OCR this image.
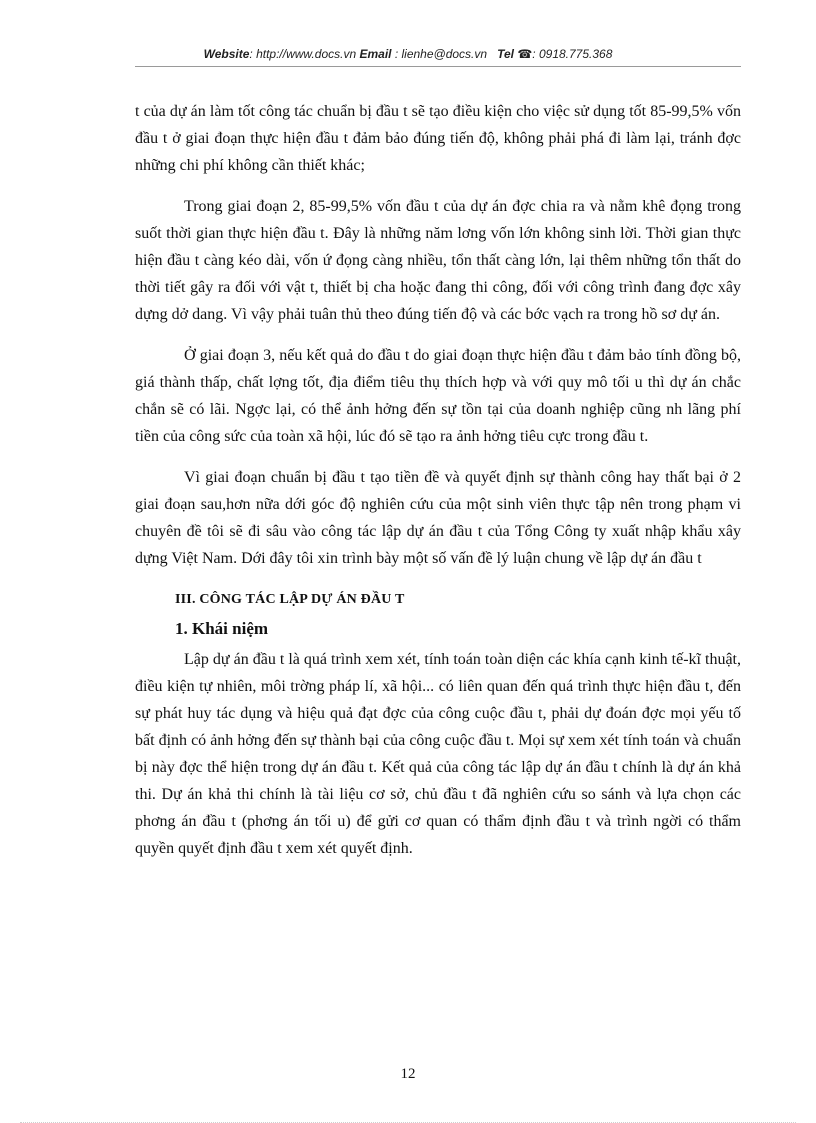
Website: http://www.docs.vn Email : lienhe@docs.vn Tel ☎: 0918.775.368

t của dự án làm tốt công tác chuẩn bị đầu t sẽ tạo điều kiện cho việc sử dụng tốt 85-99,5% vốn đầu t ở giai đoạn thực hiện đầu t đảm bảo đúng tiến độ, không phải phá đi làm lại, tránh đợc những chi phí không cần thiết khác;

Trong giai đoạn 2, 85-99,5% vốn đầu t của dự án đợc chia ra và nằm khê đọng trong suốt thời gian thực hiện đầu t. Đây là những năm lơng vốn lớn không sinh lời. Thời gian thực hiện đầu t càng kéo dài, vốn ứ đọng càng nhiều, tổn thất càng lớn, lại thêm những tổn thất do thời tiết gây ra đối với vật t, thiết bị cha hoặc đang thi công, đối với công trình đang đợc xây dựng dở dang. Vì vậy phải tuân thủ theo đúng tiến độ và các bớc vạch ra trong hồ sơ dự án.

Ở giai đoạn 3, nếu kết quả do đầu t do giai đoạn thực hiện đầu t đảm bảo tính đồng bộ, giá thành thấp, chất lợng tốt, địa điểm tiêu thụ thích hợp và với quy mô tối u thì dự án chắc chắn sẽ có lãi. Ngợc lại, có thể ảnh hởng đến sự tồn tại của doanh nghiệp cũng nh lãng phí tiền của công sức của toàn xã hội, lúc đó sẽ tạo ra ảnh hởng tiêu cực trong đầu t.

Vì giai đoạn chuẩn bị đầu t tạo tiền đề và quyết định sự thành công hay thất bại ở 2 giai đoạn sau,hơn nữa dới góc độ nghiên cứu của một sinh viên thực tập nên trong phạm vi chuyên đề tôi sẽ đi sâu vào công tác lập dự án đầu t của Tổng Công ty xuất nhập khẩu xây dựng Việt Nam. Dới đây tôi xin trình bày một số vấn đề lý luận chung về lập dự án đầu t

III. CÔNG TÁC LẬP DỰ ÁN ĐẦU T
1. Khái niệm

Lập dự án đầu t là quá trình xem xét, tính toán toàn diện các khía cạnh kinh tế-kĩ thuật, điều kiện tự nhiên, môi trờng pháp lí, xã hội... có liên quan đến quá trình thực hiện đầu t, đến sự phát huy tác dụng và hiệu quả đạt đợc của công cuộc đầu t, phải dự đoán đợc mọi yếu tố bất định có ảnh hởng đến sự thành bại của công cuộc đầu t. Mọi sự xem xét tính toán và chuẩn bị này đợc thể hiện trong dự án đầu t. Kết quả của công tác lập dự án đầu t chính là dự án khả thi. Dự án khả thi chính là tài liệu cơ sở, chủ đầu t đã nghiên cứu so sánh và lựa chọn các phơng án đầu t (phơng án tối u) để gửi cơ quan có thẩm định đầu t và trình ngời có thẩm quyền quyết định đầu t xem xét quyết định.

12
